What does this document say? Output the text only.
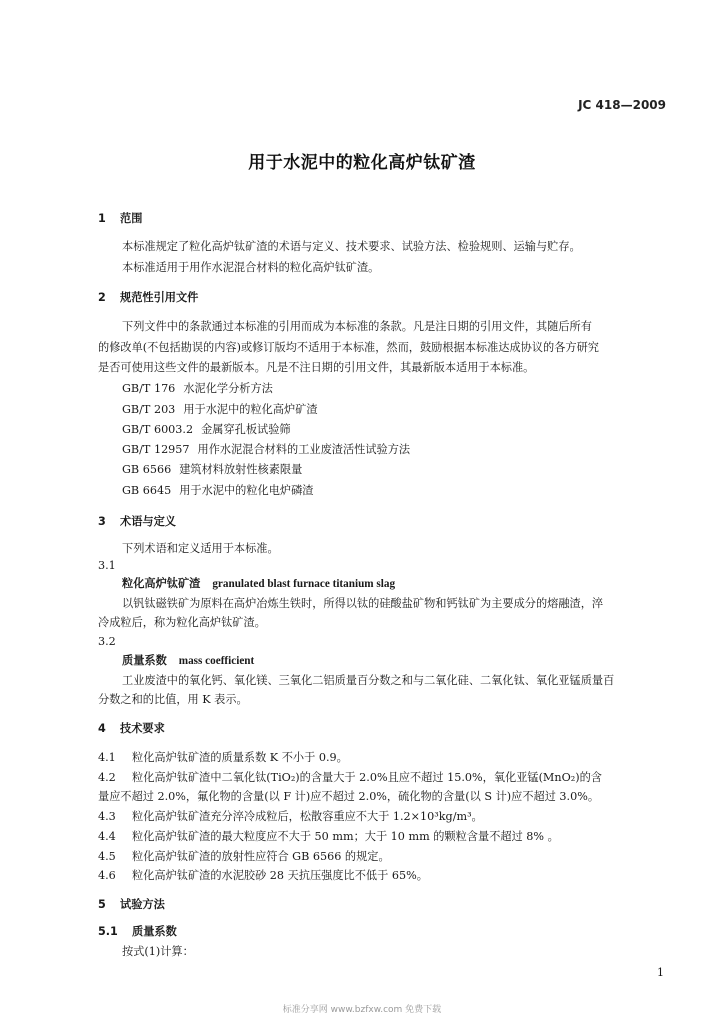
JC 418—2009
用于水泥中的粒化高炉钛矿渣
1 范围
本标准规定了粒化高炉钛矿渣的术语与定义、技术要求、试验方法、检验规则、运输与贮存。
本标准适用于用作水泥混合材料的粒化高炉钛矿渣。
2 规范性引用文件
下列文件中的条款通过本标准的引用而成为本标准的条款。凡是注日期的引用文件，其随后所有
的修改单(不包括勘误的内容)或修订版均不适用于本标准，然而，鼓励根据本标准达成协议的各方研究
是否可使用这些文件的最新版本。凡是不注日期的引用文件，其最新版本适用于本标准。
GB/T 176 水泥化学分析方法
GB/T 203 用于水泥中的粒化高炉矿渣
GB/T 6003.2 金属穿孔板试验筛
GB/T 12957 用作水泥混合材料的工业废渣活性试验方法
GB 6566 建筑材料放射性核素限量
GB 6645 用于水泥中的粒化电炉磷渣
3 术语与定义
下列术语和定义适用于本标准。
3.1
粒化高炉钛矿渣 granulated blast furnace titanium slag
以钒钛磁铁矿为原料在高炉冶炼生铁时，所得以钛的硅酸盐矿物和钙钛矿为主要成分的熔融渣，淬
冷成粒后，称为粒化高炉钛矿渣。
3.2
质量系数 mass coefficient
工业废渣中的氧化钙、氧化镁、三氧化二铝质量百分数之和与二氧化硅、二氧化钛、氧化亚锰质量百
分数之和的比值，用 K 表示。
4 技术要求
4.1 粒化高炉钛矿渣的质量系数 K 不小于 0.9。
4.2 粒化高炉钛矿渣中二氧化钛(TiO₂)的含量大于 2.0%且应不超过 15.0%，氧化亚锰(MnO₂)的含
量应不超过 2.0%，氟化物的含量(以 F 计)应不超过 2.0%，硫化物的含量(以 S 计)应不超过 3.0%。
4.3 粒化高炉钛矿渣充分淬冷成粒后，松散容重应不大于 1.2×10³kg/m³。
4.4 粒化高炉钛矿渣的最大粒度应不大于 50 mm；大于 10 mm 的颗粒含量不超过 8% 。
4.5 粒化高炉钛矿渣的放射性应符合 GB 6566 的规定。
4.6 粒化高炉钛矿渣的水泥胶砂 28 天抗压强度比不低于 65%。
5 试验方法
5.1 质量系数
按式(1)计算：
1
标准分享网 www.bzfxw.com 免费下载
